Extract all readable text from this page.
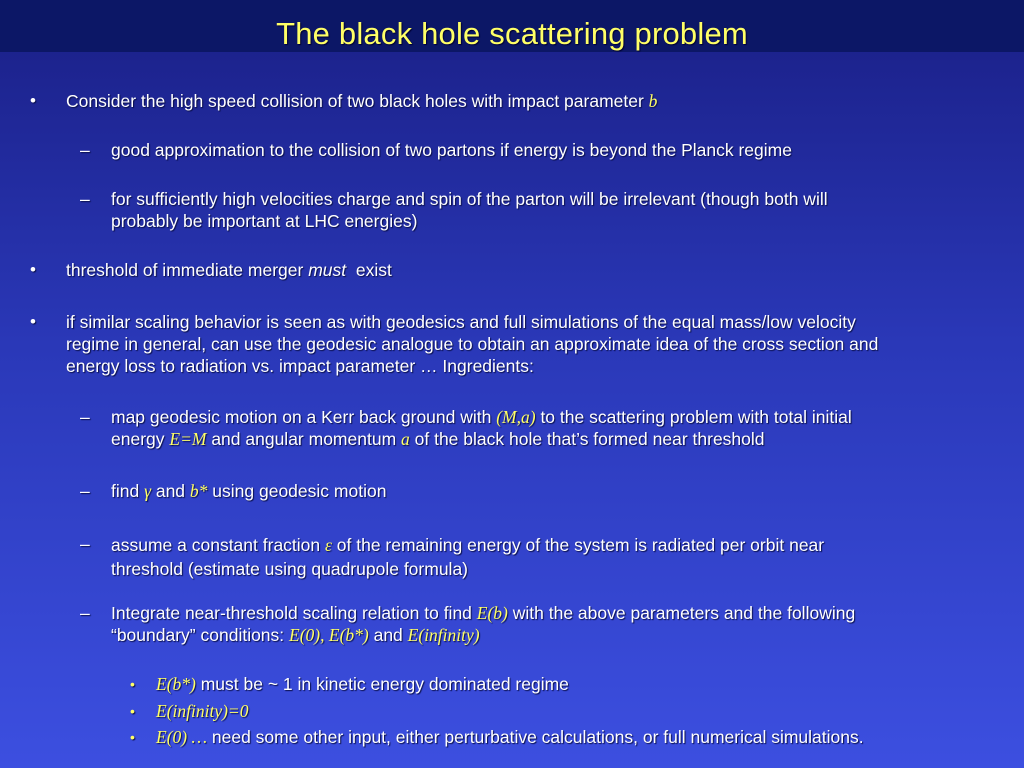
The black hole scattering problem
• Consider the high speed collision of two black holes with impact parameter b
– good approximation to the collision of two partons if energy is beyond the Planck regime
– for sufficiently high velocities charge and spin of the parton will be irrelevant (though both will
probably be important at LHC energies)
• threshold of immediate merger must  exist
• if similar scaling behavior is seen as with geodesics and full simulations of the equal mass/low velocity
regime in general, can use the geodesic analogue to obtain an approximate idea of the cross section and
energy loss to radiation vs. impact parameter … Ingredients:
– map geodesic motion on a Kerr back ground with (M,a) to the scattering problem with total initial
energy E=M and angular momentum a of the black hole that’s formed near threshold
– find γ and b* using geodesic motion
– assume a constant fraction ε of the remaining energy of the system is radiated per orbit near
threshold (estimate using quadrupole formula)
– Integrate near-threshold scaling relation to find E(b) with the above parameters and the following
“boundary” conditions: E(0), E(b*) and E(infinity)
• E(b*) must be ~ 1 in kinetic energy dominated regime
• E(infinity)=0
• E(0) … need some other input, either perturbative calculations, or full numerical simulations.
